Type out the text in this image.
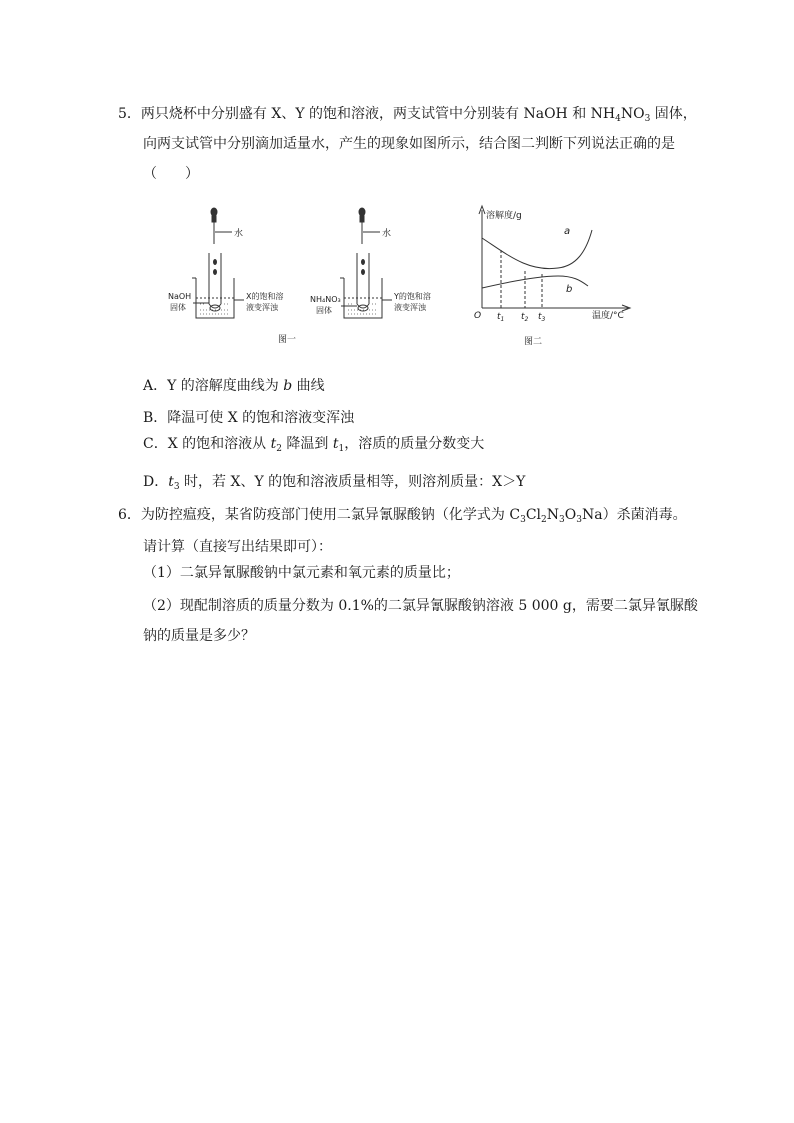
5．两只烧杯中分别盛有 X、Y 的饱和溶液，两支试管中分别装有 NaOH 和 $NH_4NO_3$ 固体，
向两支试管中分别滴加适量水，产生的现象如图所示，结合图二判断下列说法正确的是
（　　）
水
NaOH
固体
X的饱和溶
液变浑浊
水
NH₄NO₃
固体
Y的饱和溶
液变浑浊
图一
溶解度/g
温度/°C
O
a
b
$t_1$ $t_2$ $t_3$
图二
A．Y 的溶解度曲线为 b 曲线
B．降温可使 X 的饱和溶液变浑浊
C．X 的饱和溶液从 $t_2$ 降温到 $t_1$，溶质的质量分数变大
D．$t_3$ 时，若 X、Y 的饱和溶液质量相等，则溶剂质量：X＞Y
6．为防控瘟疫，某省防疫部门使用二氯异氰脲酸钠（化学式为 $C_3Cl_2N_3O_3Na$）杀菌消毒。
请计算（直接写出结果即可）：
（1）二氯异氰脲酸钠中氯元素和氧元素的质量比；
（2）现配制溶质的质量分数为 0.1%的二氯异氰脲酸钠溶液 5 000 g，需要二氯异氰脲酸
钠的质量是多少？
